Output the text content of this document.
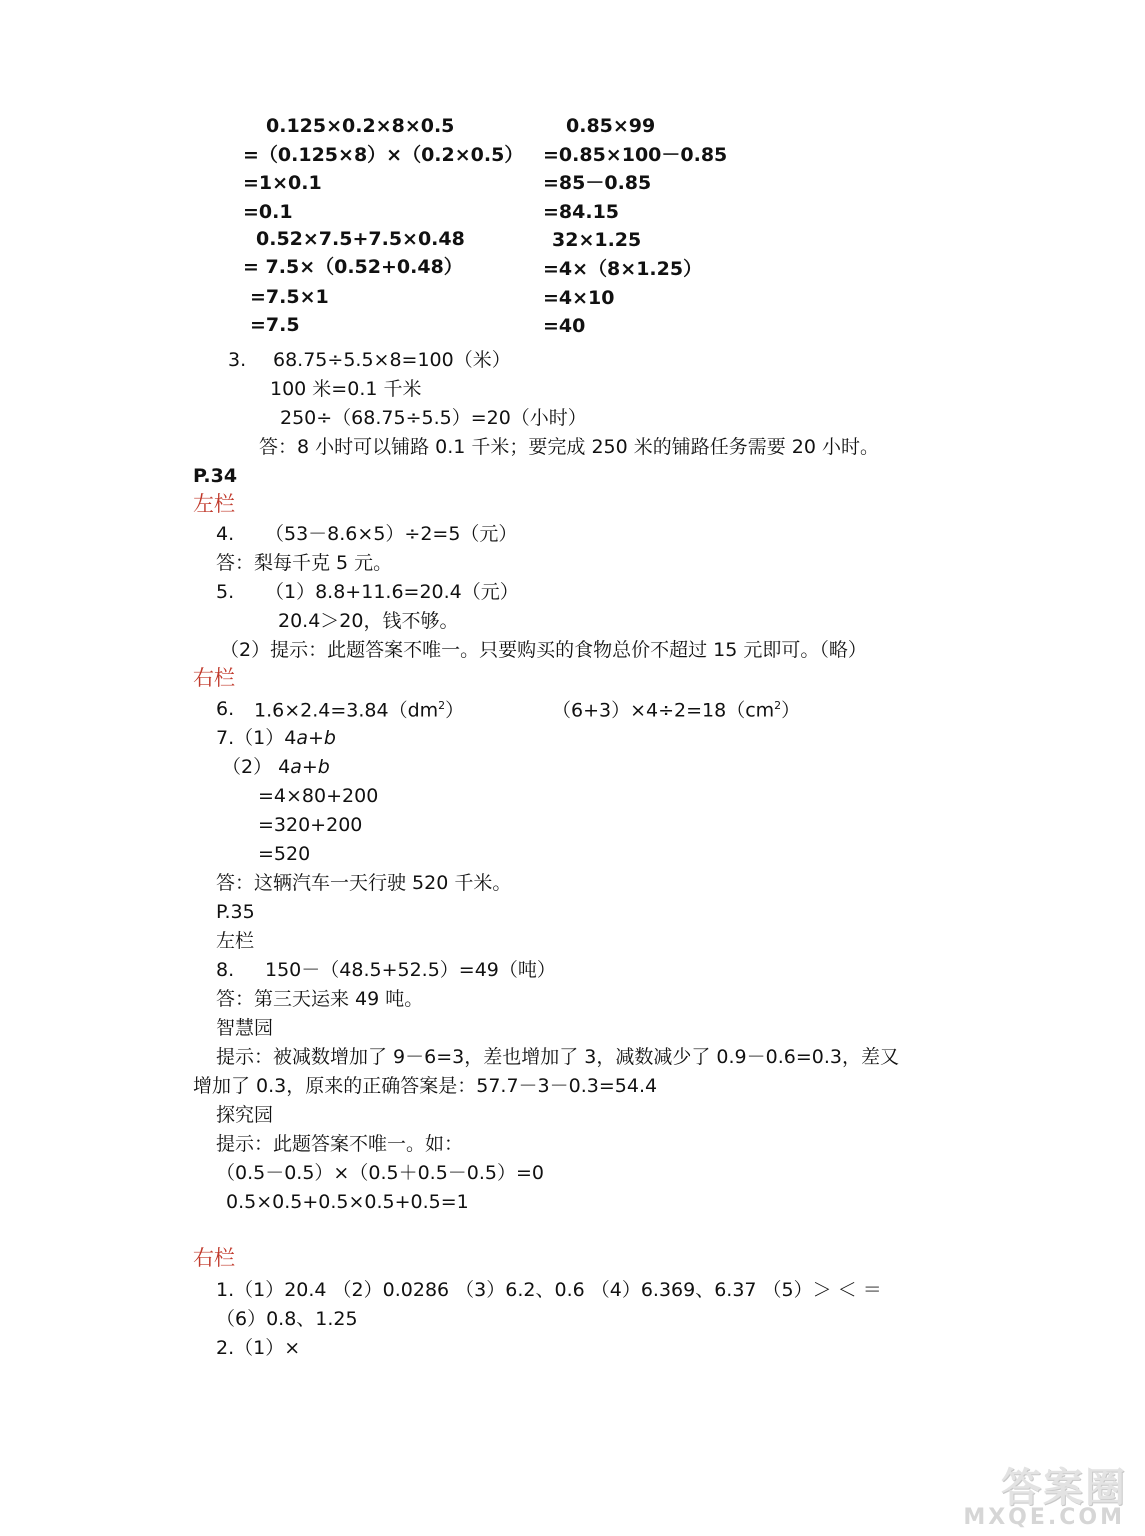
0.125×0.2×8×0.5
=（0.125×8）×（0.2×0.5）
=1×0.1
=0.1
0.52×7.5+7.5×0.48
= 7.5×（0.52+0.48）
=7.5×1
=7.5
0.85×99
=0.85×100－0.85
=85－0.85
=84.15
32×1.25
=4×（8×1.25）
=4×10
=40
3. 68.75÷5.5×8=100（米）
100 米=0.1 千米
250÷（68.75÷5.5）=20（小时）
答：8 小时可以铺路 0.1 千米；要完成 250 米的铺路任务需要 20 小时。
P.34
左栏
4. （53－8.6×5）÷2=5（元）
答：梨每千克 5 元。
5. （1）8.8+11.6=20.4（元）
20.4＞20，钱不够。
（2）提示：此题答案不唯一。只要购买的食物总价不超过 15 元即可。（略）
右栏
6. $1.6\times 2.4=3.84(dm^2)$	$(6+3)\times 4\div 2=18(cm^2)$
7.（1）4a+b
（2） 4a+b
=4×80+200
=320+200
=520
答：这辆汽车一天行驶 520 千米。
P.35
左栏
8. 150－（48.5+52.5）=49（吨）
答：第三天运来 49 吨。
智慧园
提示：被减数增加了 9－6=3，差也增加了 3，减数减少了 0.9－0.6=0.3，差又
增加了 0.3，原来的正确答案是：57.7－3－0.3=54.4
探究园
提示：此题答案不唯一。如：
（0.5－0.5）×（0.5＋0.5－0.5）=0
0.5×0.5+0.5×0.5+0.5=1
右栏
1.（1）20.4 （2）0.0286 （3）6.2、0.6 （4）6.369、6.37 （5）＞ ＜ ＝
（6）0.8、1.25
2.（1）×
答案圈
MXQE.COM
